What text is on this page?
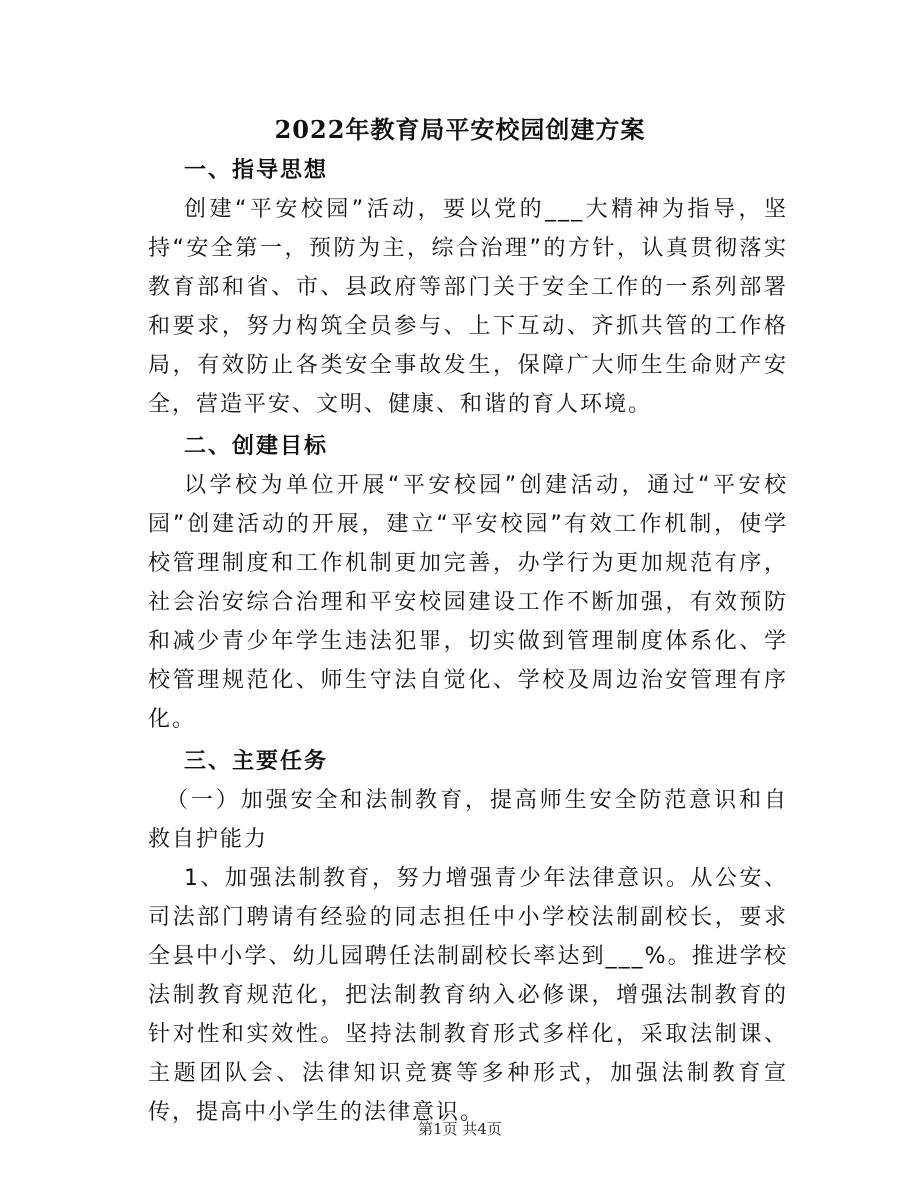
2022年教育局平安校园创建方案

一、指导思想

创建“平安校园”活动，要以党的___大精神为指导，坚持“安全第一，预防为主，综合治理”的方针，认真贯彻落实教育部和省、市、县政府等部门关于安全工作的一系列部署和要求，努力构筑全员参与、上下互动、齐抓共管的工作格局，有效防止各类安全事故发生，保障广大师生生命财产安全，营造平安、文明、健康、和谐的育人环境。

二、创建目标

以学校为单位开展“平安校园”创建活动，通过“平安校园”创建活动的开展，建立“平安校园”有效工作机制，使学校管理制度和工作机制更加完善，办学行为更加规范有序，社会治安综合治理和平安校园建设工作不断加强，有效预防和减少青少年学生违法犯罪，切实做到管理制度体系化、学校管理规范化、师生守法自觉化、学校及周边治安管理有序化。

三、主要任务

（一）加强安全和法制教育，提高师生安全防范意识和自救自护能力

1、加强法制教育，努力增强青少年法律意识。从公安、司法部门聘请有经验的同志担任中小学校法制副校长，要求全县中小学、幼儿园聘任法制副校长率达到___%。推进学校法制教育规范化，把法制教育纳入必修课，增强法制教育的针对性和实效性。坚持法制教育形式多样化，采取法制课、主题团队会、法律知识竞赛等多种形式，加强法制教育宣传，提高中小学生的法律意识。

第1页 共4页
